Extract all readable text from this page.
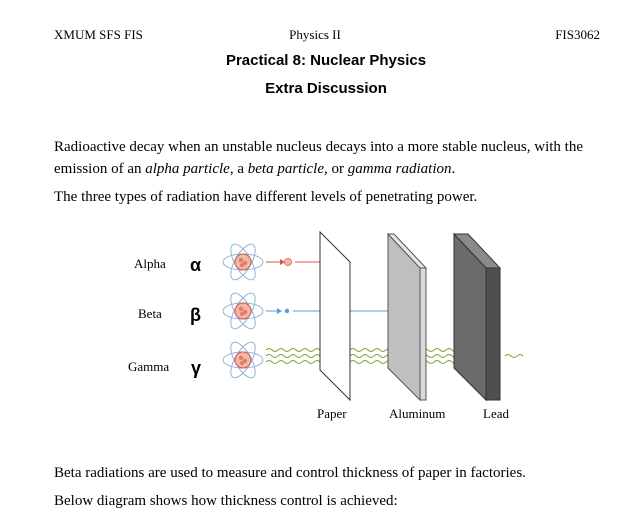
XMUM SFS FIS	Physics II	FIS3062
Practical 8: Nuclear Physics
Extra Discussion
Radioactive decay when an unstable nucleus decays into a more stable nucleus, with the emission of an alpha particle, a beta particle, or gamma radiation.
The three types of radiation have different levels of penetrating power.
Alpha α
Beta β
Gamma γ
Paper	Aluminum	Lead
Beta radiations are used to measure and control thickness of paper in factories.
Below diagram shows how thickness control is achieved:
